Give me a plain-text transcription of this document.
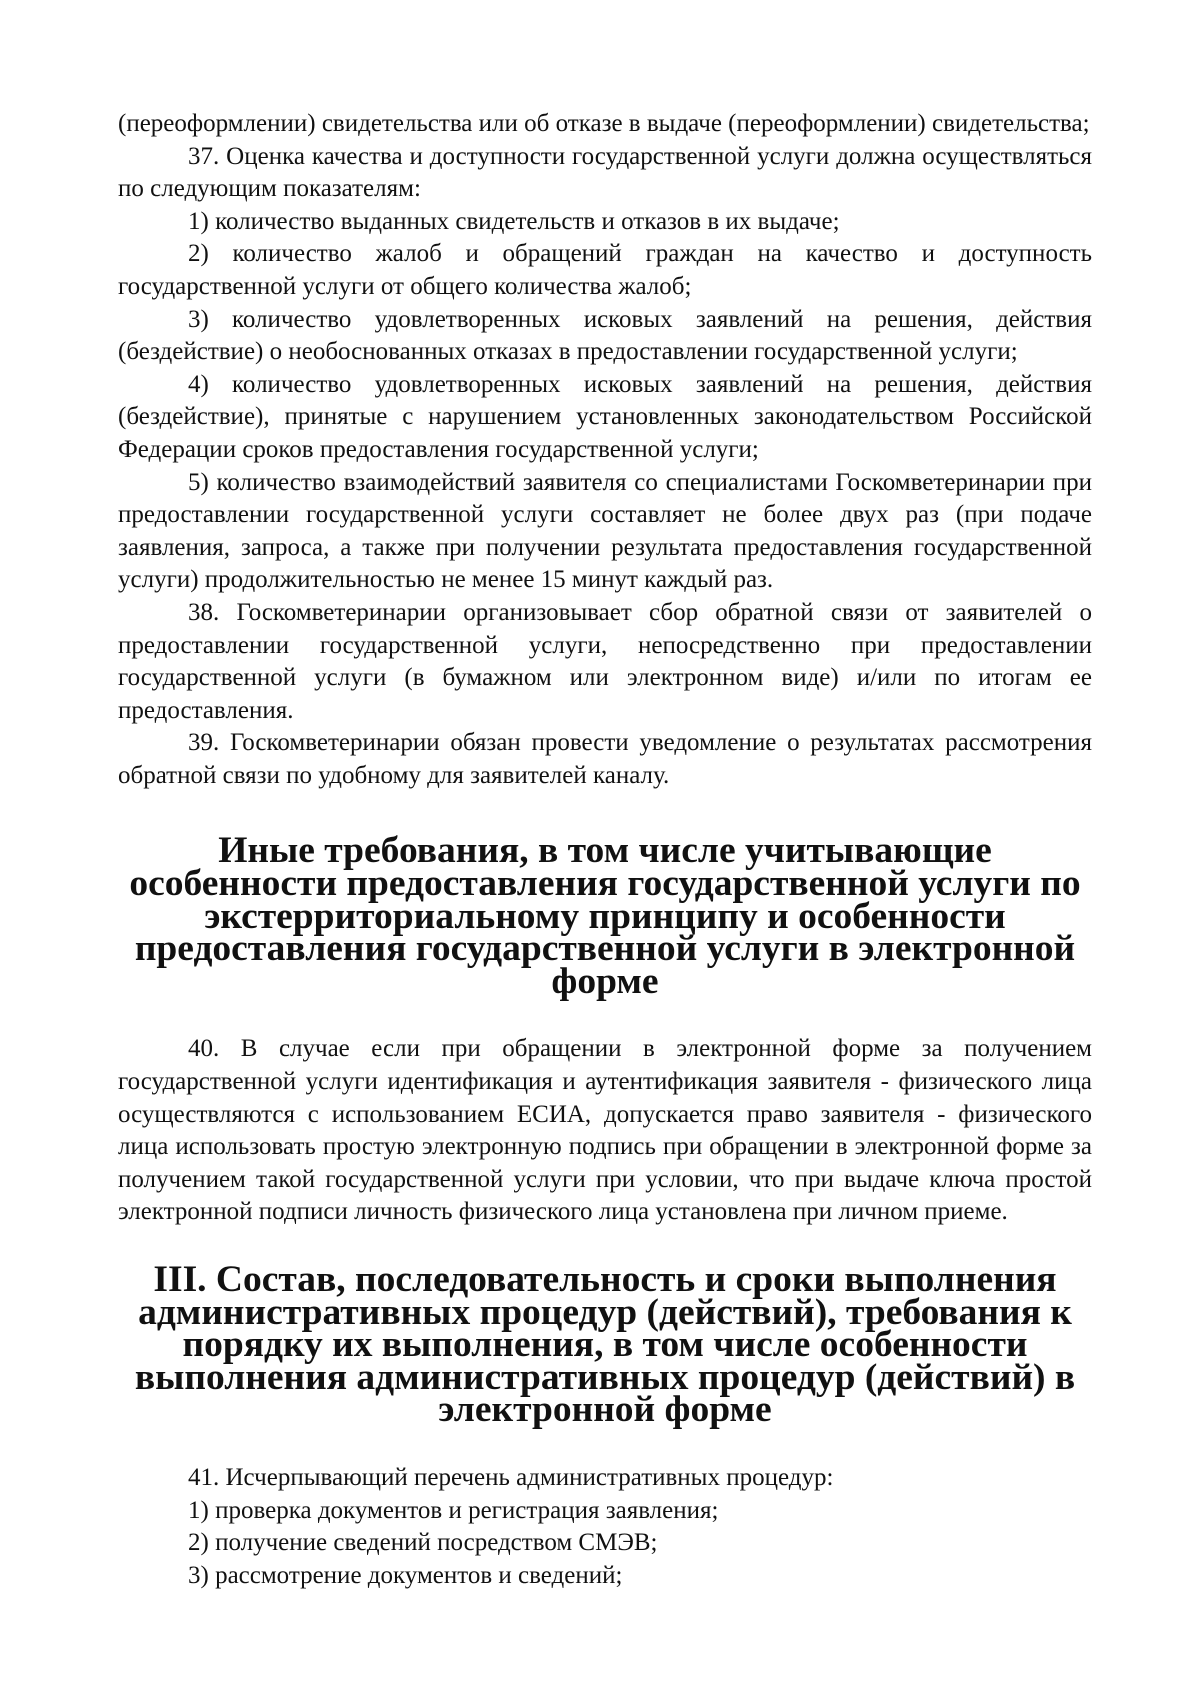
(переоформлении) свидетельства или об отказе в выдаче (переоформлении) свидетельства;

37. Оценка качества и доступности государственной услуги должна осуществляться по следующим показателям:

1) количество выданных свидетельств и отказов в их выдаче;

2) количество жалоб и обращений граждан на качество и доступность государственной услуги от общего количества жалоб;

3) количество удовлетворенных исковых заявлений на решения, действия (бездействие) о необоснованных отказах в предоставлении государственной услуги;

4) количество удовлетворенных исковых заявлений на решения, действия (бездействие), принятые с нарушением установленных законодательством Российской Федерации сроков предоставления государственной услуги;

5) количество взаимодействий заявителя со специалистами Госкомветеринарии при предоставлении государственной услуги составляет не более двух раз (при подаче заявления, запроса, а также при получении результата предоставления государственной услуги) продолжительностью не менее 15 минут каждый раз.

38. Госкомветеринарии организовывает сбор обратной связи от заявителей о предоставлении государственной услуги, непосредственно при предоставлении государственной услуги (в бумажном или электронном виде) и/или по итогам ее предоставления.

39. Госкомветеринарии обязан провести уведомление о результатах рассмотрения обратной связи по удобному для заявителей каналу.

Иные требования, в том числе учитывающие особенности предоставления государственной услуги по экстерриториальному принципу и особенности предоставления государственной услуги в электронной форме

40. В случае если при обращении в электронной форме за получением государственной услуги идентификация и аутентификация заявителя - физического лица осуществляются с использованием ЕСИА, допускается право заявителя - физического лица использовать простую электронную подпись при обращении в электронной форме за получением такой государственной услуги при условии, что при выдаче ключа простой электронной подписи личность физического лица установлена при личном приеме.

III. Состав, последовательность и сроки выполнения административных процедур (действий), требования к порядку их выполнения, в том числе особенности выполнения административных процедур (действий) в электронной форме

41. Исчерпывающий перечень административных процедур:

1) проверка документов и регистрация заявления;

2) получение сведений посредством СМЭВ;

3) рассмотрение документов и сведений;
